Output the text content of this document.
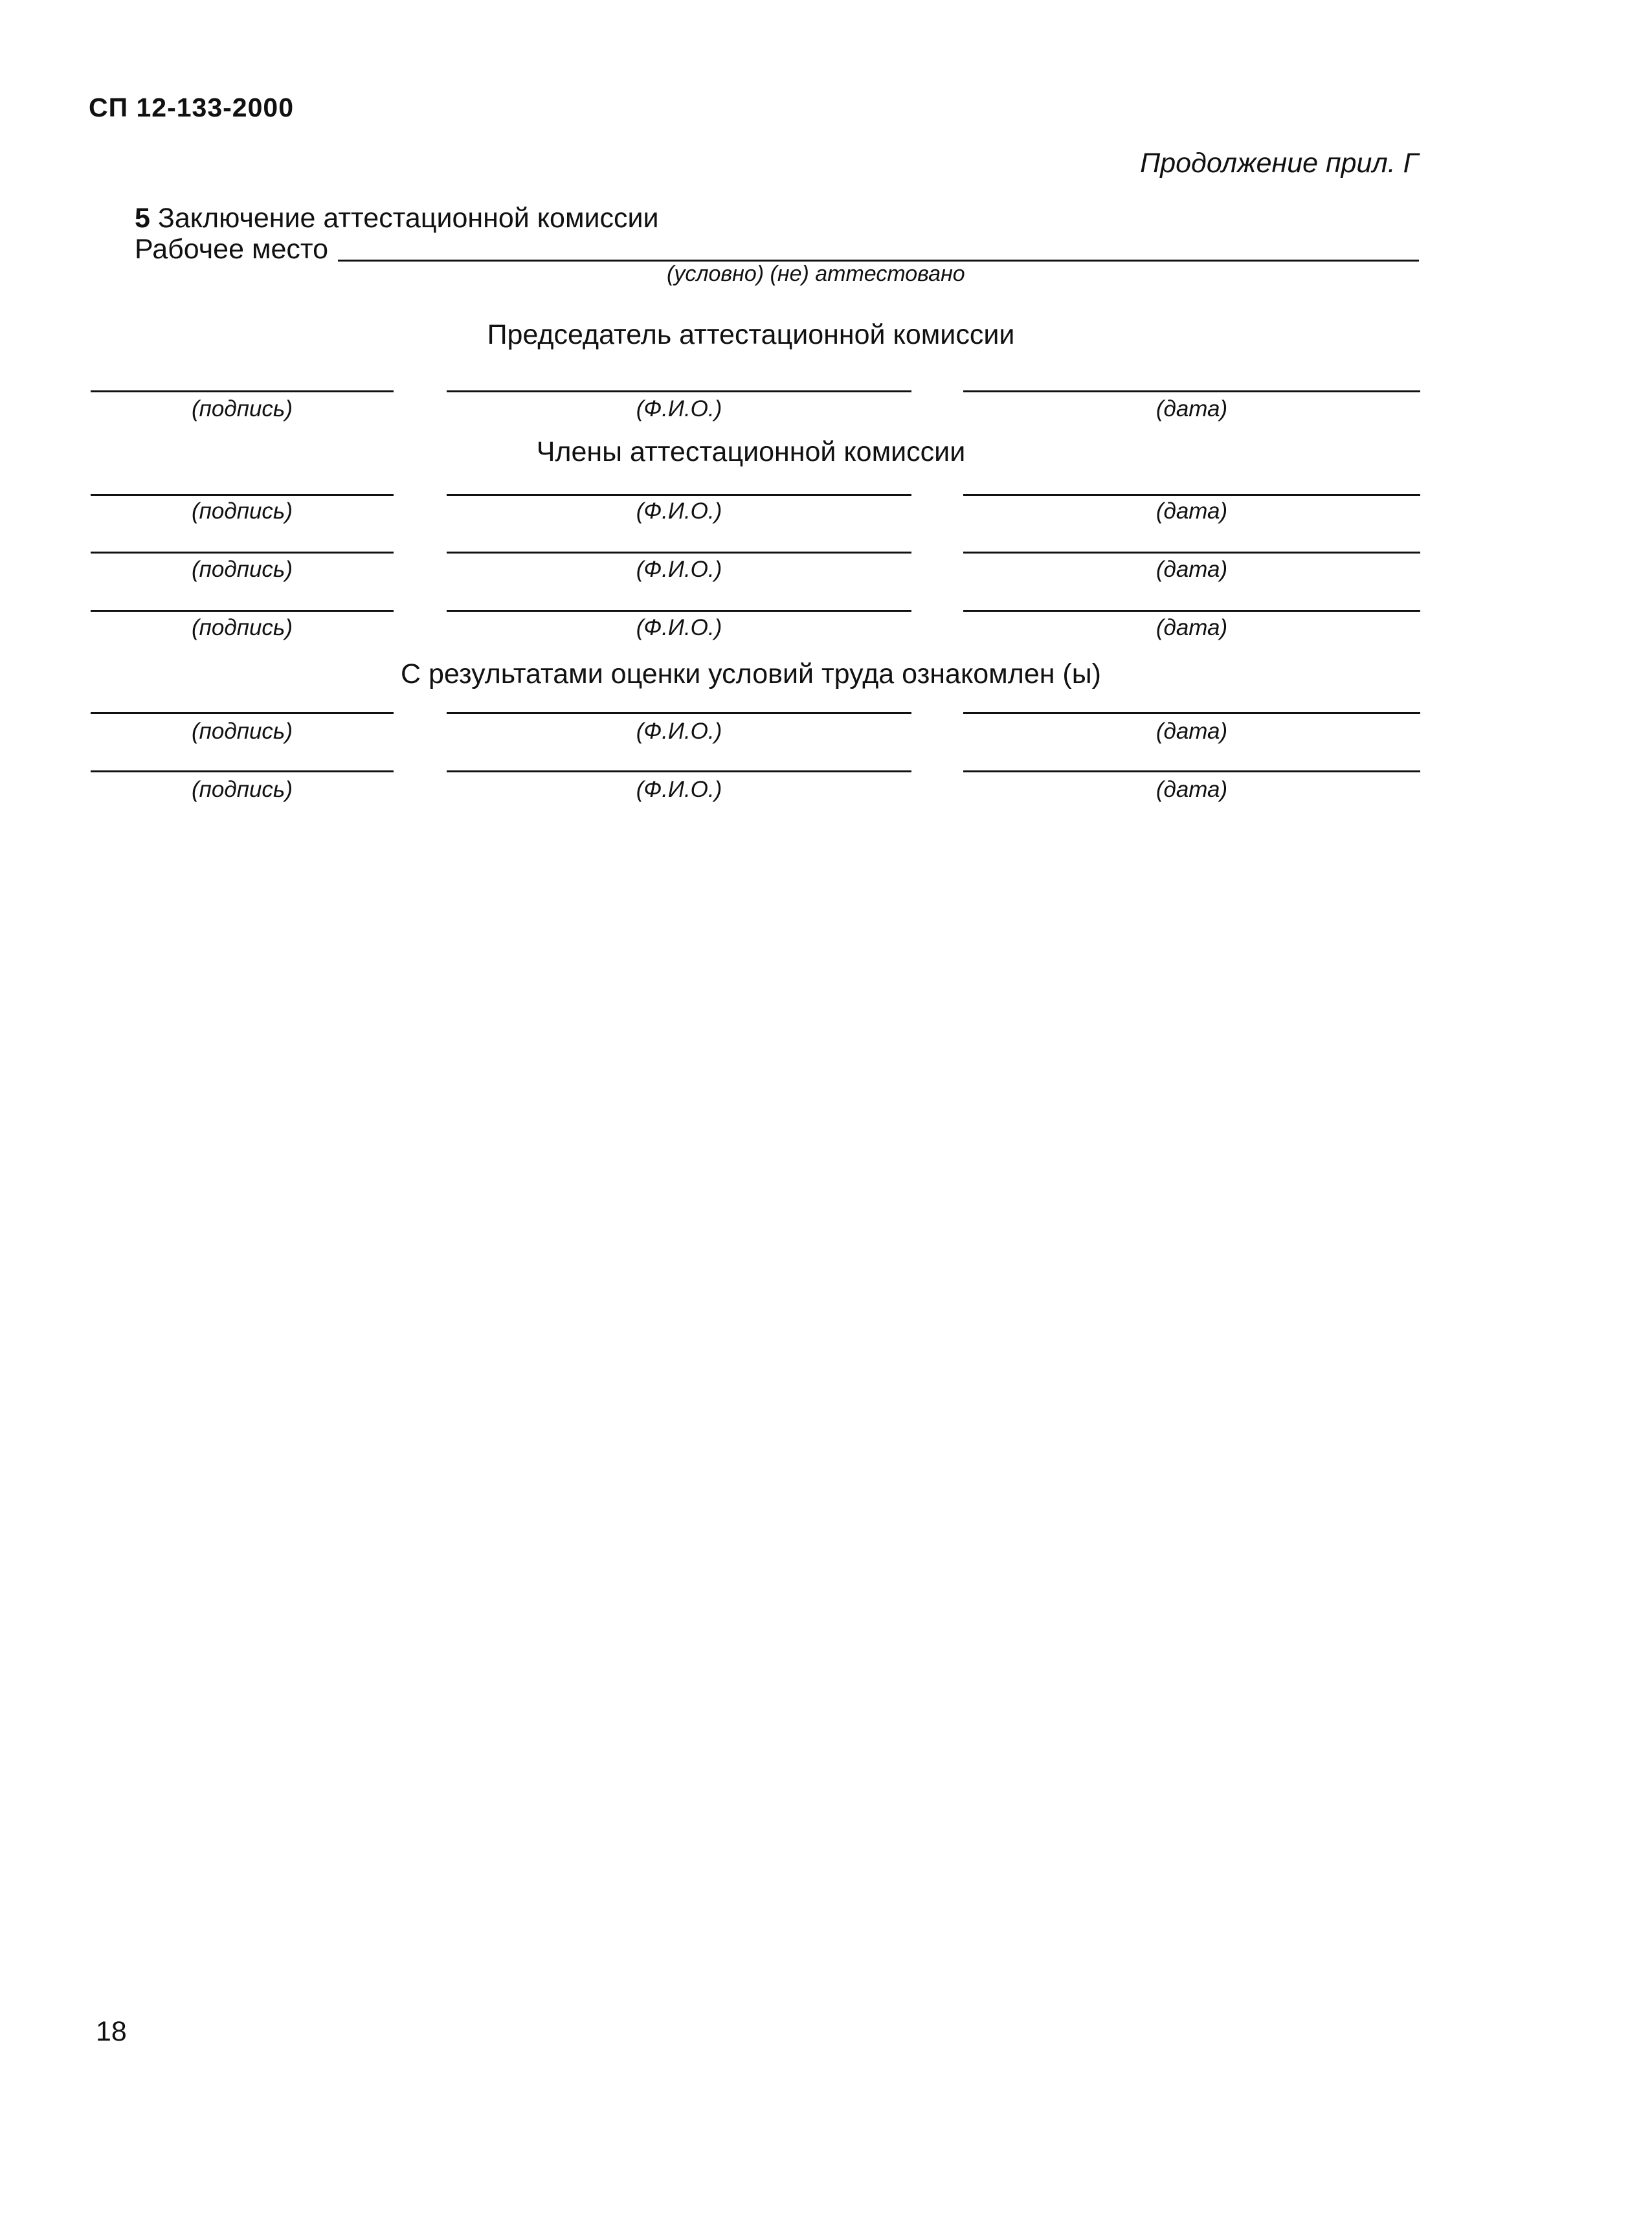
СП 12-133-2000
Продолжение прил. Г
5 Заключение аттестационной комиссии
Рабочее место
(условно) (не) аттестовано
Председатель аттестационной комиссии
(подпись)	(Ф.И.О.)	(дата)
Члены аттестационной комиссии
(подпись)	(Ф.И.О.)	(дата)
(подпись)	(Ф.И.О.)	(дата)
(подпись)	(Ф.И.О.)	(дата)
С результатами оценки условий труда ознакомлен (ы)
(подпись)	(Ф.И.О.)	(дата)
(подпись)	(Ф.И.О.)	(дата)
18
